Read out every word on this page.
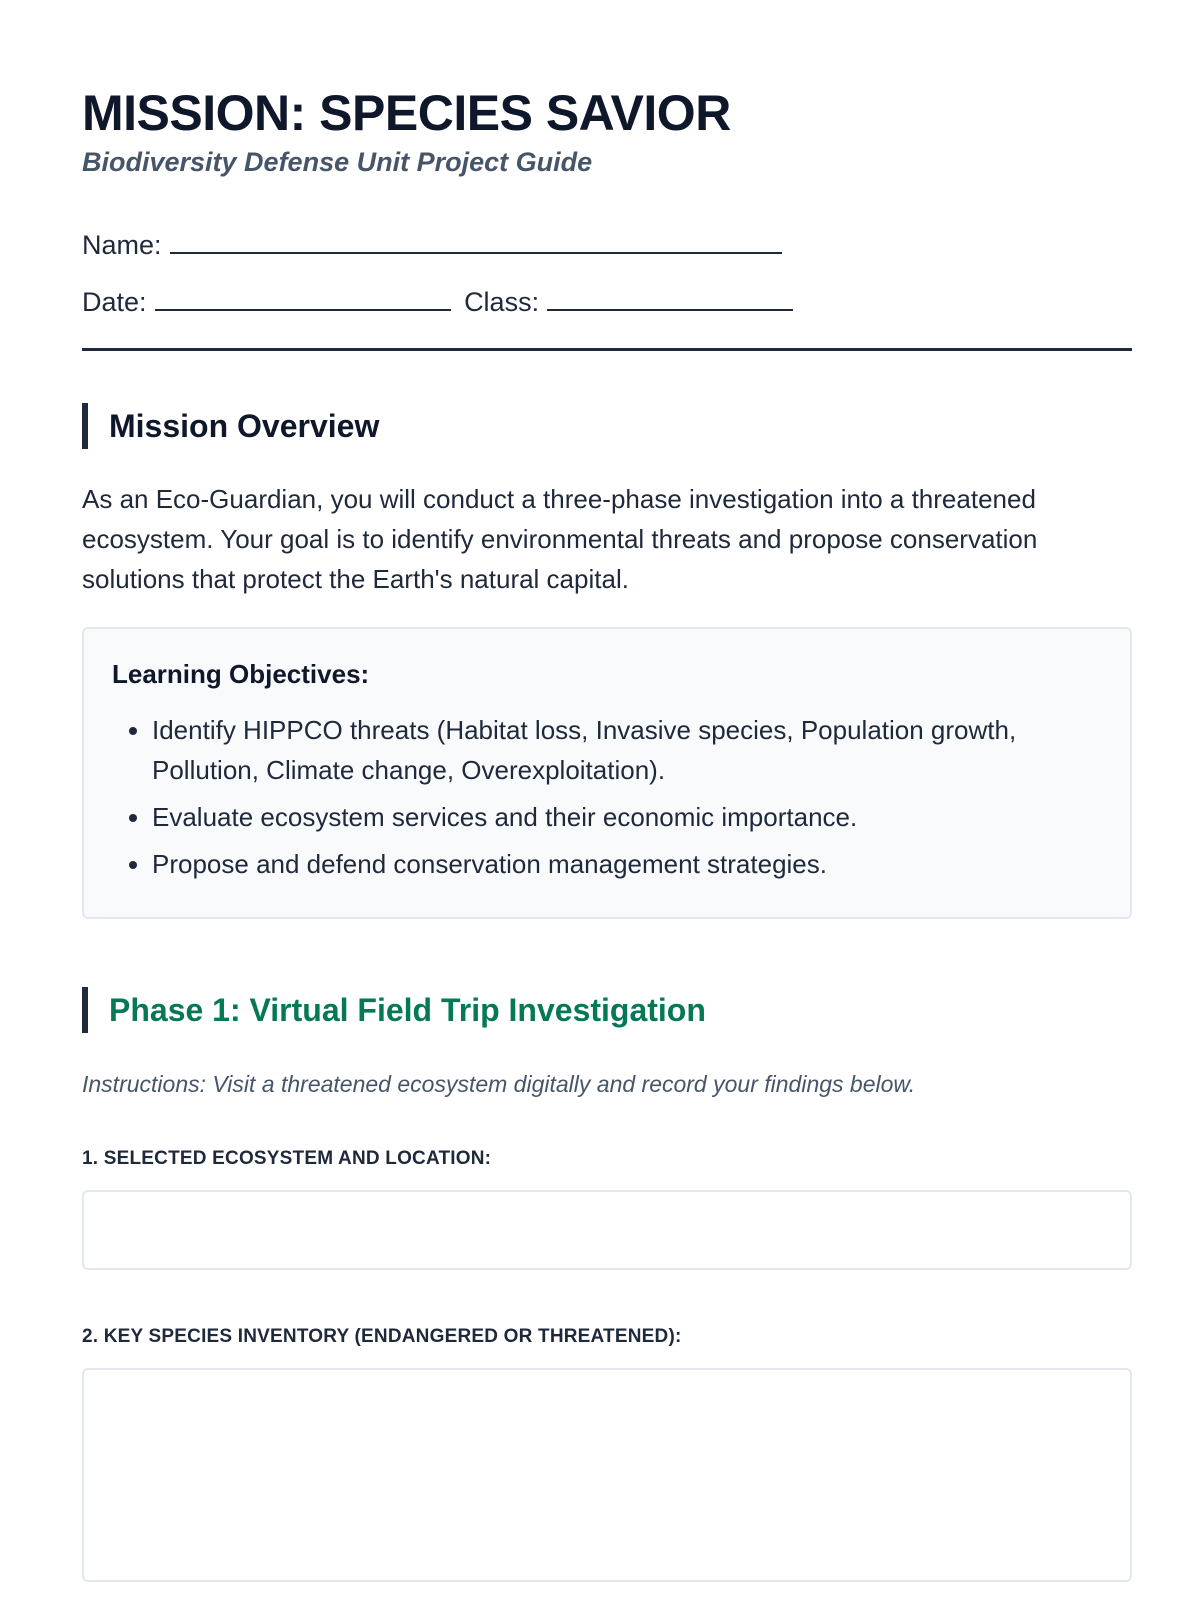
MISSION: SPECIES SAVIOR
Biodiversity Defense Unit Project Guide
Name:
Date:	Class:
Mission Overview
As an Eco-Guardian, you will conduct a three-phase investigation into a threatened ecosystem. Your goal is to identify environmental threats and propose conservation solutions that protect the Earth's natural capital.
Learning Objectives:
• Identify HIPPCO threats (Habitat loss, Invasive species, Population growth, Pollution, Climate change, Overexploitation).
• Evaluate ecosystem services and their economic importance.
• Propose and defend conservation management strategies.
Phase 1: Virtual Field Trip Investigation
Instructions: Visit a threatened ecosystem digitally and record your findings below.
1. SELECTED ECOSYSTEM AND LOCATION:
2. KEY SPECIES INVENTORY (ENDANGERED OR THREATENED):
